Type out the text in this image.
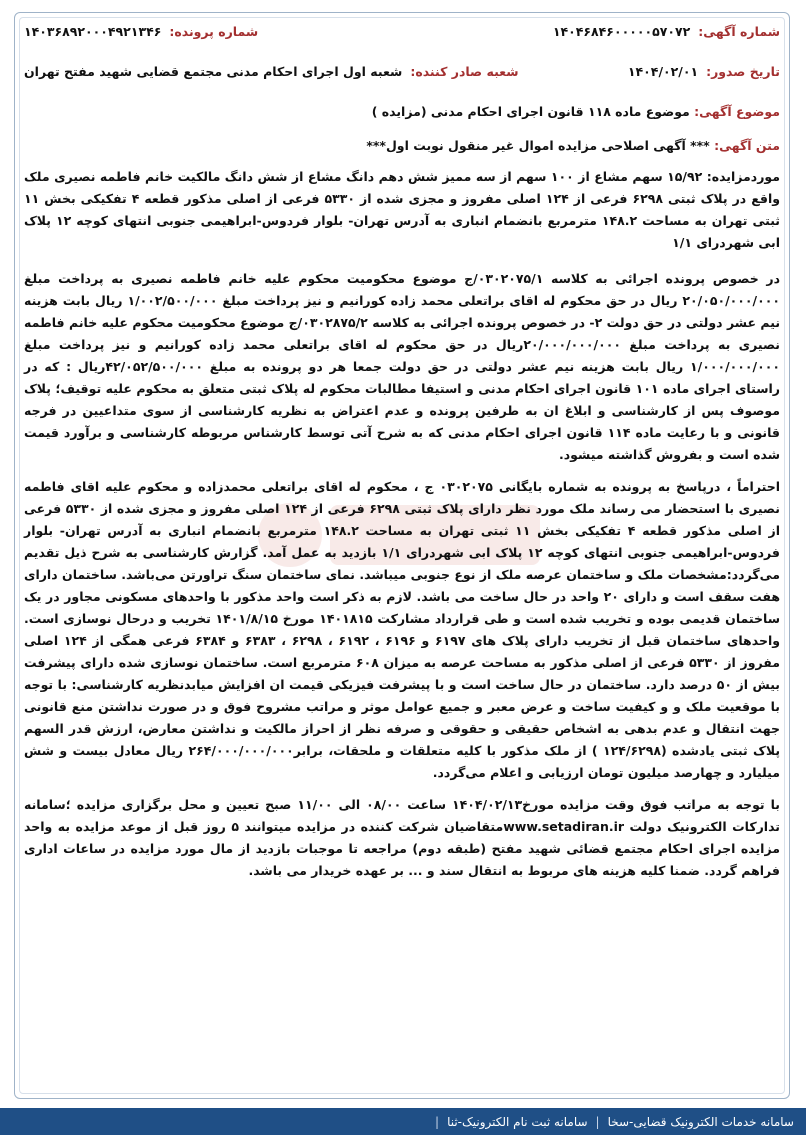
شماره آگهی:
۱۴۰۴۶۸۴۶۰۰۰۰۰۵۷۰۷۲
شماره پرونده:
۱۴۰۳۶۸۹۲۰۰۰۴۹۲۱۳۴۶
تاریخ صدور:
۱۴۰۴/۰۲/۰۱
شعبه صادر کننده:
شعبه اول اجرای احکام مدنی مجتمع قضایی شهید مفتح تهران
موضوع آگهی: موضوع ماده ۱۱۸ قانون اجرای احکام مدنی (مزایده )
متن آگهی: *** آگهی اصلاحی مزایده اموال غیر منقول نوبت اول***

موردمزایده: ۱۵/۹۲ سهم مشاع از ۱۰۰ سهم از سه ممیز شش دهم دانگ مشاع از شش دانگ مالکیت خانم فاطمه نصیری ملک واقع در پلاک ثبتی ۶۲۹۸ فرعی از ۱۲۴ اصلی مفروز و مجزی شده از ۵۳۳۰ فرعی از اصلی مذکور قطعه ۴ تفکیکی بخش ۱۱ ثبتی تهران به مساحت ۱۴۸.۲ مترمربع بانضمام انباری به آدرس تهران- بلوار فردوس-ابراهیمی جنوبی انتهای کوچه ۱۲ پلاک ابی شهردرای ۱/۱

در خصوص پرونده اجرائی به کلاسه ۰۳۰۲۰۷۵/۱/ج موضوع محکومیت محکوم علیه خانم فاطمه نصیری به پرداخت مبلغ ۲۰/۰۵۰/۰۰۰/۰۰۰ ریال در حق محکوم له اقای براتعلی محمد زاده کورانیم و نیز پرداخت مبلغ ۱/۰۰۲/۵۰۰/۰۰۰ ریال بابت هزینه نیم عشر دولتی در حق دولت ۲- در خصوص پرونده اجرائی به کلاسه ۰۳۰۲۸۷۵/۲/ج موضوع محکومیت محکوم علیه خانم فاطمه نصیری به پرداخت مبلغ ۲۰/۰۰۰/۰۰۰/۰۰۰ریال در حق محکوم له اقای براتعلی محمد زاده کورانیم و نیز پرداخت مبلغ ۱/۰۰۰/۰۰۰/۰۰۰ ریال بابت هزینه نیم عشر دولتی در حق دولت جمعا هر دو پرونده به مبلغ ۴۲/۰۵۲/۵۰۰/۰۰۰ریال : که در راستای اجرای ماده ۱۰۱ قانون اجرای احکام مدنی و استیفا مطالبات محکوم له پلاک ثبتی متعلق به محکوم علیه توقیف؛ پلاک موصوف پس از کارشناسی و ابلاغ ان به طرفین پرونده و عدم اعتراض به نظریه کارشناسی از سوی متداعیین در فرجه قانونی و با رعایت ماده ۱۱۴ قانون اجرای احکام مدنی که به شرح آتی توسط کارشناس مربوطه کارشناسی و برآورد قیمت شده است و بفروش گذاشته میشود.

احتراماً ، درپاسخ به پرونده به شماره بایگانی ۰۳۰۲۰۷۵ ج ، محکوم له اقای براتعلی محمدزاده و محکوم علیه اقای فاطمه نصیری با استحضار می رساند ملک مورد نظر دارای پلاک ثبتی ۶۲۹۸ فرعی از ۱۲۴ اصلی مفروز و مجزی شده از ۵۳۳۰ فرعی از اصلی مذکور قطعه ۴ تفکیکی بخش ۱۱ ثبتی تهران به مساحت ۱۴۸.۲ مترمربع بانضمام انباری به آدرس تهران- بلوار فردوس-ابراهیمی جنوبی انتهای کوچه ۱۲ پلاک ابی شهردرای ۱/۱ بازدید به عمل آمد. گزارش کارشناسی به شرح ذیل تقدیم می‌گردد:مشخصات ملک و ساختمان عرصه ملک از نوع جنوبی میباشد. نمای ساختمان سنگ تراورتن می‌باشد. ساختمان دارای هفت سقف است و دارای ۲۰ واحد در حال ساخت می باشد. لازم به ذکر است واحد مذکور با واحدهای مسکونی مجاور در یک ساختمان قدیمی بوده و تخریب شده است و طی قرارداد مشارکت ۱۴۰۱۸۱۵ مورخ ۱۴۰۱/۸/۱۵ تخریب و درحال نوسازی است. واحدهای ساختمان قبل از تخریب دارای پلاک های ۶۱۹۷ و ۶۱۹۶ ، ۶۱۹۲ ، ۶۲۹۸ ، ۶۳۸۳ و ۶۳۸۴ فرعی همگی از ۱۲۴ اصلی مفروز از ۵۳۳۰ فرعی از اصلی مذکور به مساحت عرصه به میزان ۶۰۸ مترمربع است. ساختمان نوسازی شده دارای پیشرفت بیش از ۵۰ درصد دارد. ساختمان در حال ساخت است و با پیشرفت فیزیکی قیمت ان افزایش میابدنظریه کارشناسی: با توجه با موقعیت ملک و و کیفیت ساخت و عرض معبر و جمیع عوامل موثر و مراتب مشروح فوق و در صورت نداشتن منع قانونی جهت انتقال و عدم بدهی به اشخاص حقیقی و حقوقی و صرفه نظر از احراز مالکیت و نداشتن معارض، ارزش قدر السهم پلاک ثبتی یادشده (۱۲۴/۶۲۹۸ ) از ملک مذکور با کلیه متعلقات و ملحقات، برابر۲۶۴/۰۰۰/۰۰۰/۰۰۰ ریال معادل بیست و شش میلیارد و چهارصد میلیون تومان ارزیابی و اعلام می‌گردد.

با توجه به مراتب فوق وقت مزایده مورخ۱۴۰۴/۰۲/۱۳ ساعت ۰۸/۰۰ الی ۱۱/۰۰ صبح تعیین و محل برگزاری مزایده ؛سامانه تدارکات الکترونیک دولت www.setadiran.irمتقاضیان شرکت کننده در مزایده میتوانند ۵ روز قبل از موعد مزایده به واحد مزایده اجرای احکام مجتمع قضائی شهید مفتح (طبقه دوم) مراجعه تا موجبات بازدید از مال مورد مزایده در ساعات اداری فراهم گردد. ضمنا کلیه هزینه های مربوط به انتقال سند و ... بر عهده خریدار می باشد.

سامانه خدمات الکترونیک قضایی-سخا
|
سامانه ثبت نام الکترونیک-ثنا
|
